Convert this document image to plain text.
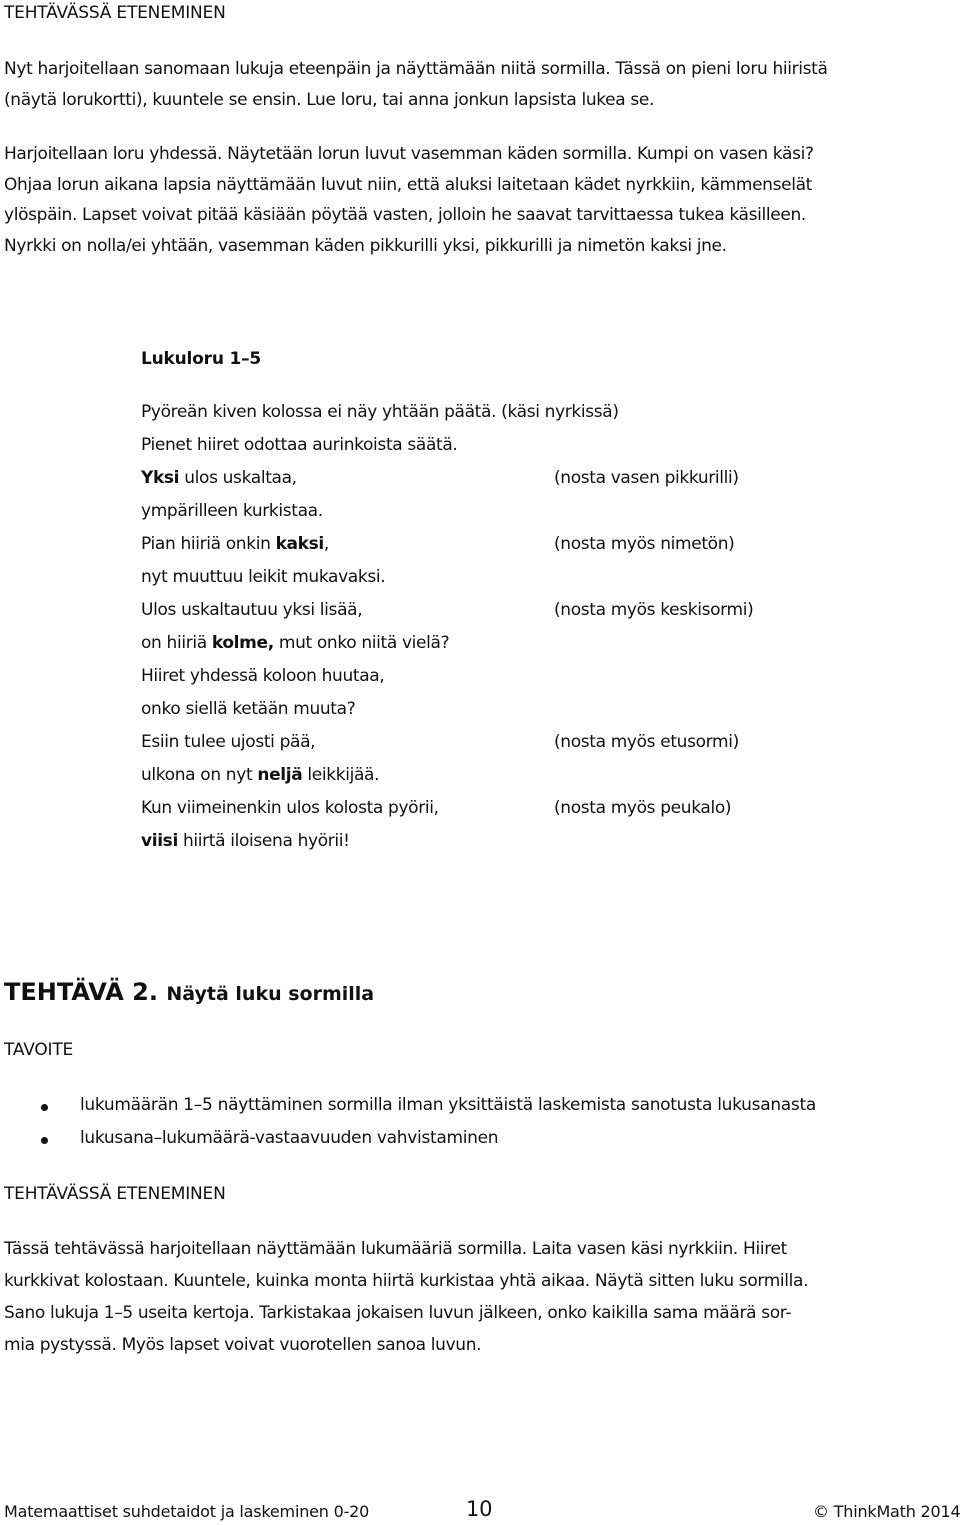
TEHTÄVÄSSÄ ETENEMINEN

Nyt harjoitellaan sanomaan lukuja eteenpäin ja näyttämään niitä sormilla. Tässä on pieni loru hiiristä

(näytä lorukortti), kuuntele se ensin. Lue loru, tai anna jonkun lapsista lukea se.

Harjoitellaan loru yhdessä. Näytetään lorun luvut vasemman käden sormilla. Kumpi on vasen käsi?

Ohjaa lorun aikana lapsia näyttämään luvut niin, että aluksi laitetaan kädet nyrkkiin, kämmenselät

ylöspäin. Lapset voivat pitää käsiään pöytää vasten, jolloin he saavat tarvittaessa tukea käsilleen.

Nyrkki on nolla/ei yhtään, vasemman käden pikkurilli yksi, pikkurilli ja nimetön kaksi jne.

Lukuloru 1–5
Pyöreän kiven kolossa ei näy yhtään päätä. (käsi nyrkissä)
Pienet hiiret odottaa aurinkoista säätä.
Yksi ulos uskaltaa,	(nosta vasen pikkurilli)
ympärilleen kurkistaa.
Pian hiiriä onkin kaksi,	(nosta myös nimetön)
nyt muuttuu leikit mukavaksi.
Ulos uskaltautuu yksi lisää,	(nosta myös keskisormi)
on hiiriä kolme, mut onko niitä vielä?
Hiiret yhdessä koloon huutaa,
onko siellä ketään muuta?
Esiin tulee ujosti pää,	(nosta myös etusormi)
ulkona on nyt neljä leikkijää.
Kun viimeinenkin ulos kolosta pyörii,	(nosta myös peukalo)
viisi hiirtä iloisena hyörii!
TEHTÄVÄ 2. Näytä luku sormilla
TAVOITE
lukumäärän 1–5 näyttäminen sormilla ilman yksittäistä laskemista sanotusta lukusanasta
lukusana–lukumäärä-vastaavuuden vahvistaminen
TEHTÄVÄSSÄ ETENEMINEN

Tässä tehtävässä harjoitellaan näyttämään lukumääriä sormilla. Laita vasen käsi nyrkkiin. Hiiret

kurkkivat kolostaan. Kuuntele, kuinka monta hiirtä kurkistaa yhtä aikaa. Näytä sitten luku sormilla.

Sano lukuja 1–5 useita kertoja. Tarkistakaa jokaisen luvun jälkeen, onko kaikilla sama määrä sor-

mia pystyssä. Myös lapset voivat vuorotellen sanoa luvun.

Matemaattiset suhdetaidot ja laskeminen 0-20	10	© ThinkMath 2014
